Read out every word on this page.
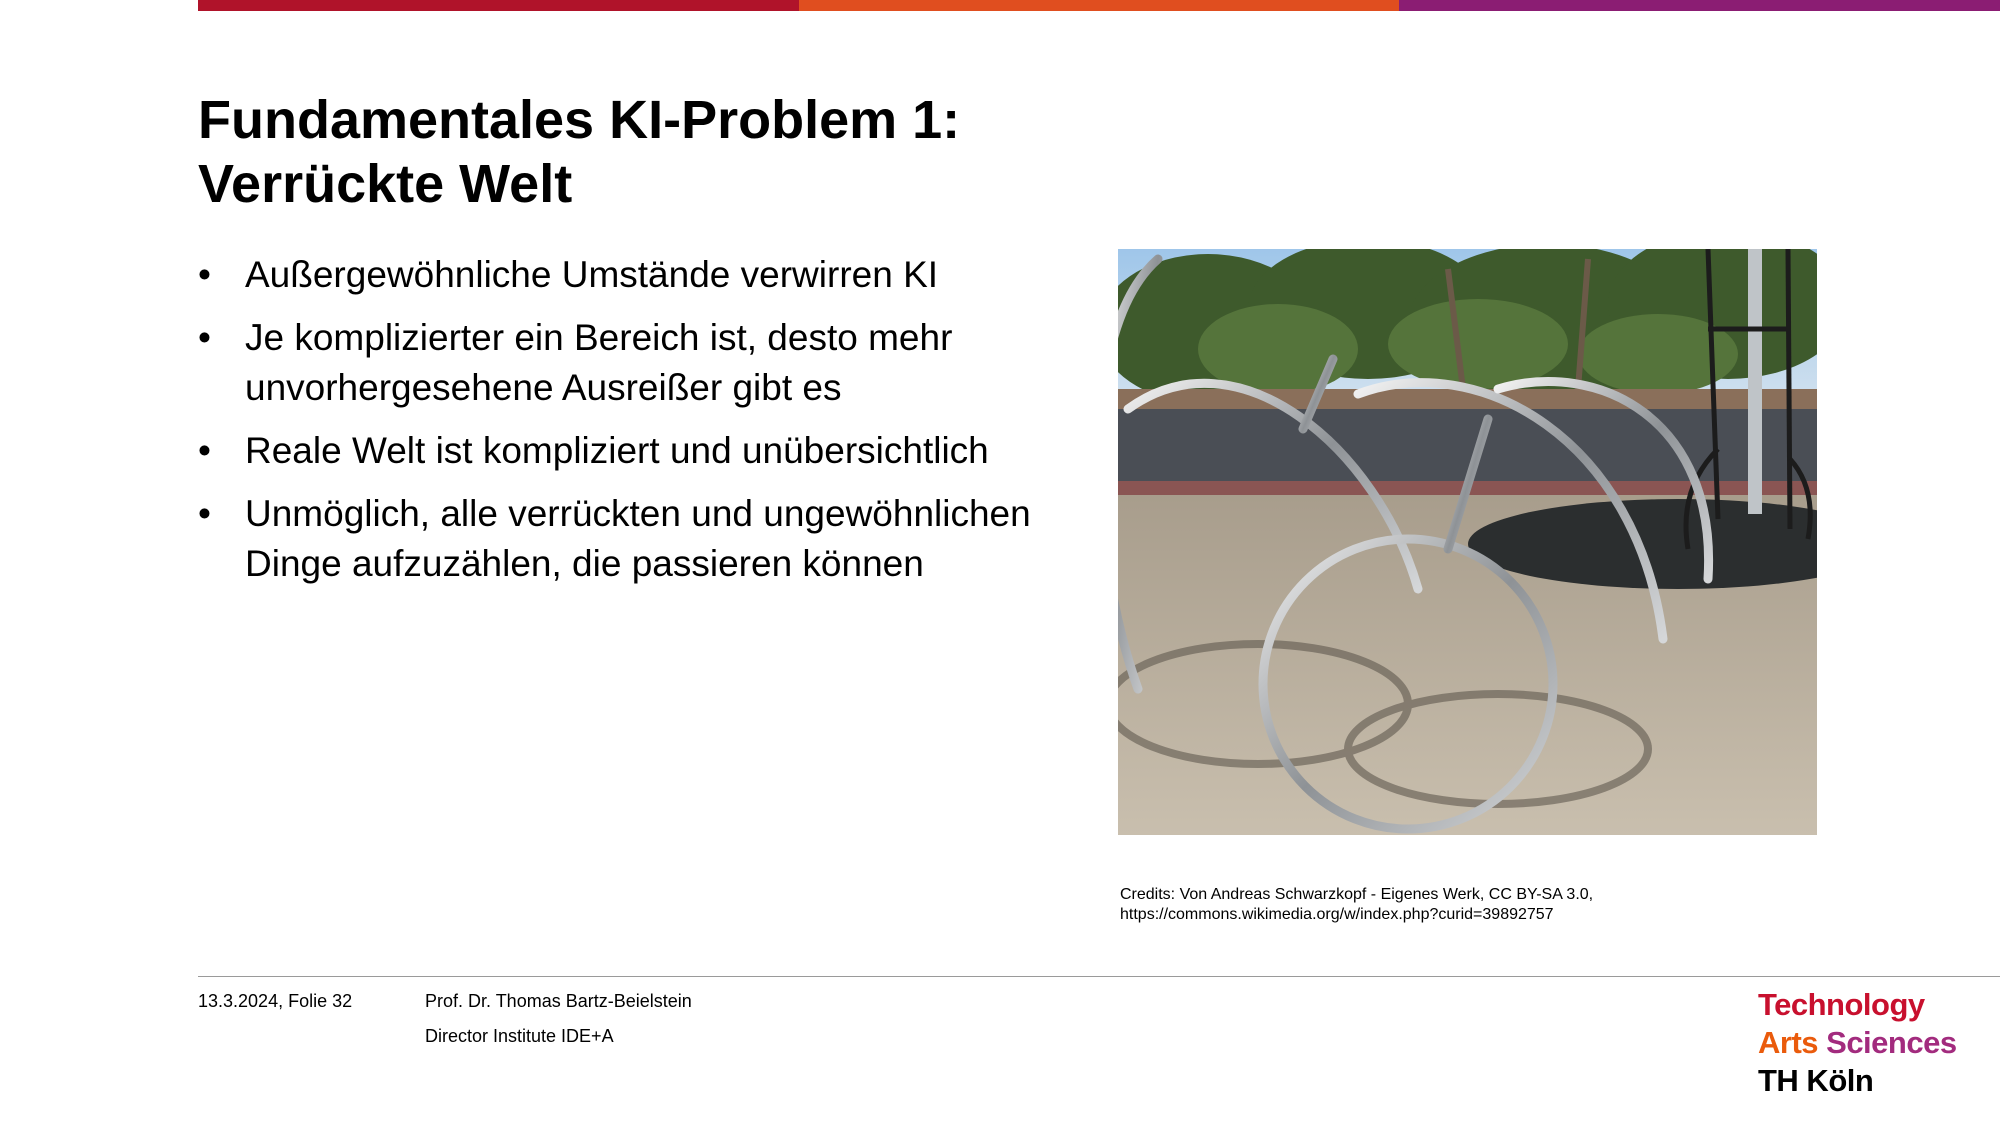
Fundamentales KI-Problem 1:
Verrückte Welt
• Außergewöhnliche Umstände verwirren KI
• Je komplizierter ein Bereich ist, desto mehr
unvorhergesehene Ausreißer gibt es
• Reale Welt ist kompliziert und unübersichtlich
• Unmöglich, alle verrückten und ungewöhnlichen
Dinge aufzuzählen, die passieren können
Credits: Von Andreas Schwarzkopf - Eigenes Werk, CC BY-SA 3.0,
https://commons.wikimedia.org/w/index.php?curid=39892757
13.3.2024, Folie 32	Prof. Dr. Thomas Bartz-Beielstein
Director Institute IDE+A
Technology
Arts Sciences
TH Köln
